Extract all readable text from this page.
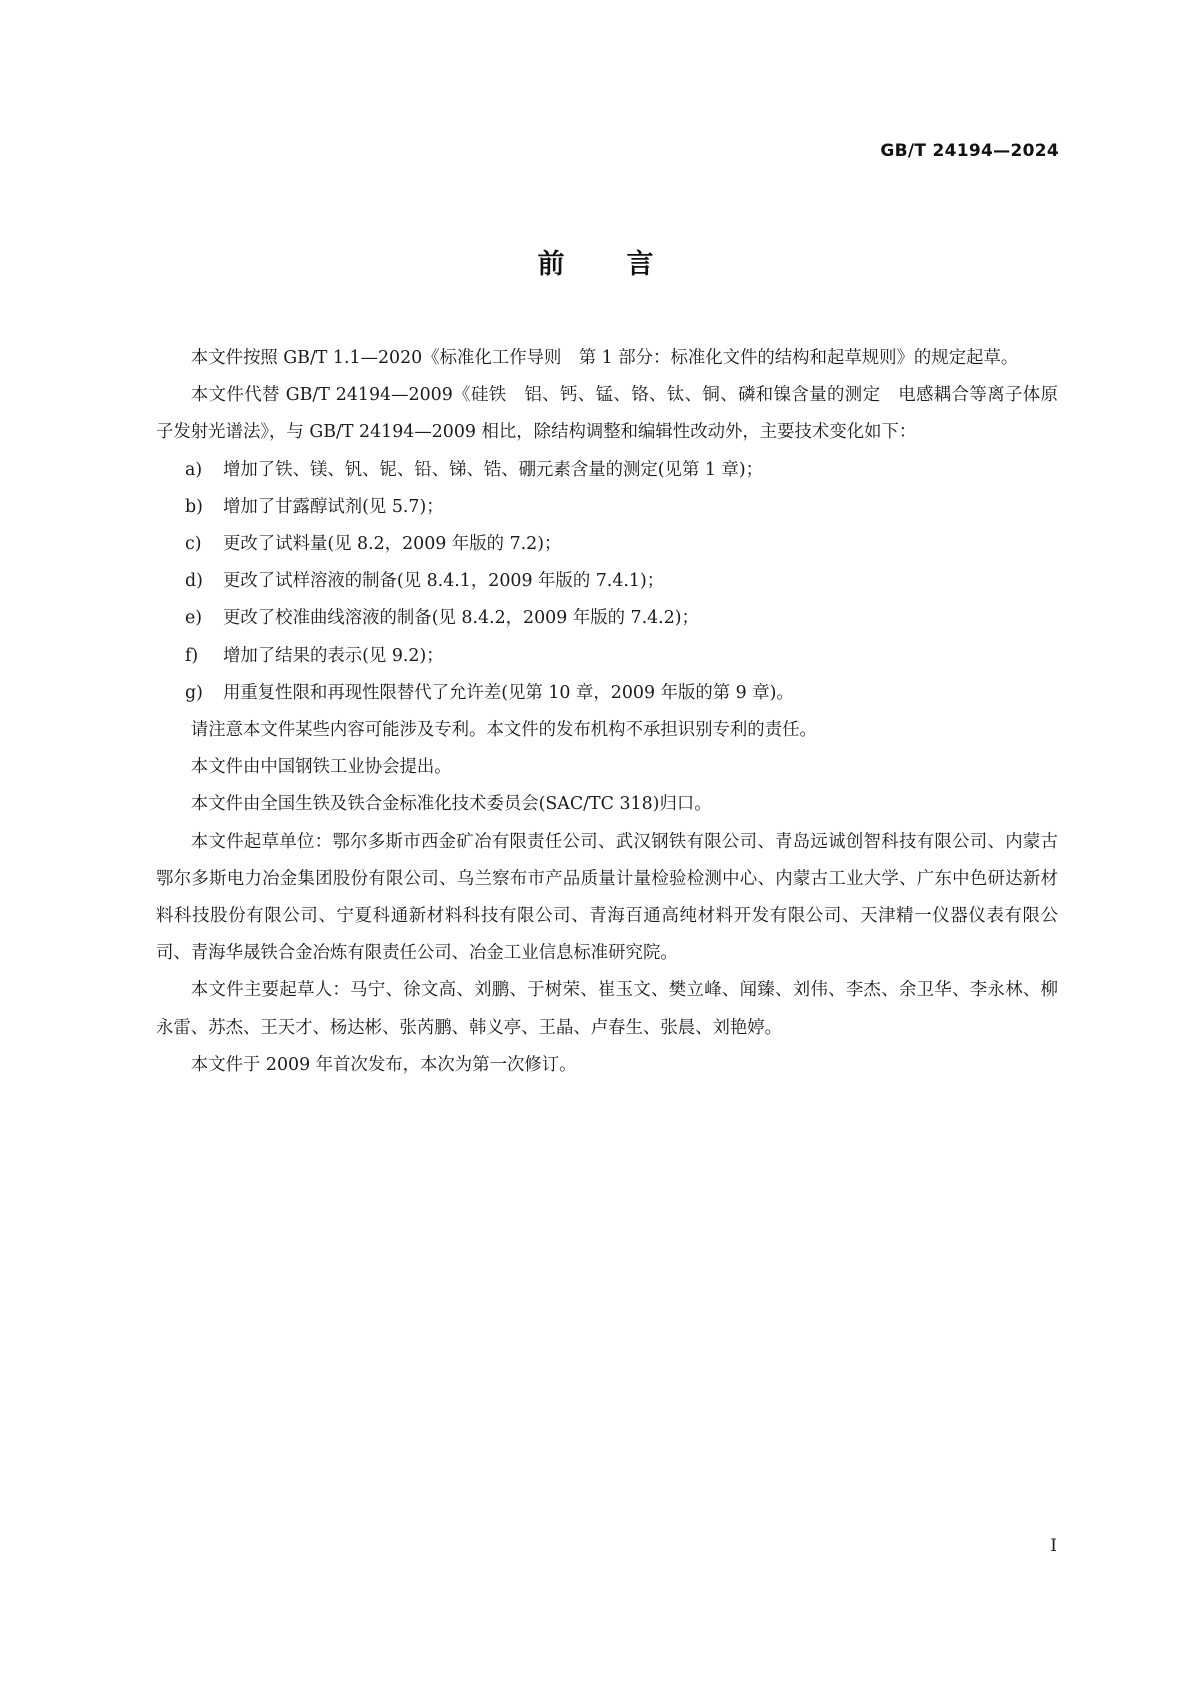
GB/T 24194—2024
前言

本文件按照 GB/T 1.1—2020《标准化工作导则　第 1 部分：标准化文件的结构和起草规则》的规定起草。

本文件代替 GB/T 24194—2009《硅铁　铝、钙、锰、铬、钛、铜、磷和镍含量的测定　电感耦合等离子体原子发射光谱法》，与 GB/T 24194—2009 相比，除结构调整和编辑性改动外，主要技术变化如下：

a)	增加了铁、镁、钒、铌、铅、锑、锆、硼元素含量的测定(见第 1 章)；
b)	增加了甘露醇试剂(见 5.7)；
c)	更改了试料量(见 8.2，2009 年版的 7.2)；
d)	更改了试样溶液的制备(见 8.4.1，2009 年版的 7.4.1)；
e)	更改了校准曲线溶液的制备(见 8.4.2，2009 年版的 7.4.2)；
f)	增加了结果的表示(见 9.2)；
g)	用重复性限和再现性限替代了允许差(见第 10 章，2009 年版的第 9 章)。

请注意本文件某些内容可能涉及专利。本文件的发布机构不承担识别专利的责任。

本文件由中国钢铁工业协会提出。

本文件由全国生铁及铁合金标准化技术委员会(SAC/TC 318)归口。

本文件起草单位：鄂尔多斯市西金矿冶有限责任公司、武汉钢铁有限公司、青岛远诚创智科技有限公司、内蒙古鄂尔多斯电力冶金集团股份有限公司、乌兰察布市产品质量计量检验检测中心、内蒙古工业大学、广东中色研达新材料科技股份有限公司、宁夏科通新材料科技有限公司、青海百通高纯材料开发有限公司、天津精一仪器仪表有限公司、青海华晟铁合金冶炼有限责任公司、冶金工业信息标准研究院。

本文件主要起草人：马宁、徐文高、刘鹏、于树荣、崔玉文、樊立峰、闻臻、刘伟、李杰、余卫华、李永林、柳永雷、苏杰、王天才、杨达彬、张芮鹏、韩义亭、王晶、卢春生、张晨、刘艳婷。

本文件于 2009 年首次发布，本次为第一次修订。

I
